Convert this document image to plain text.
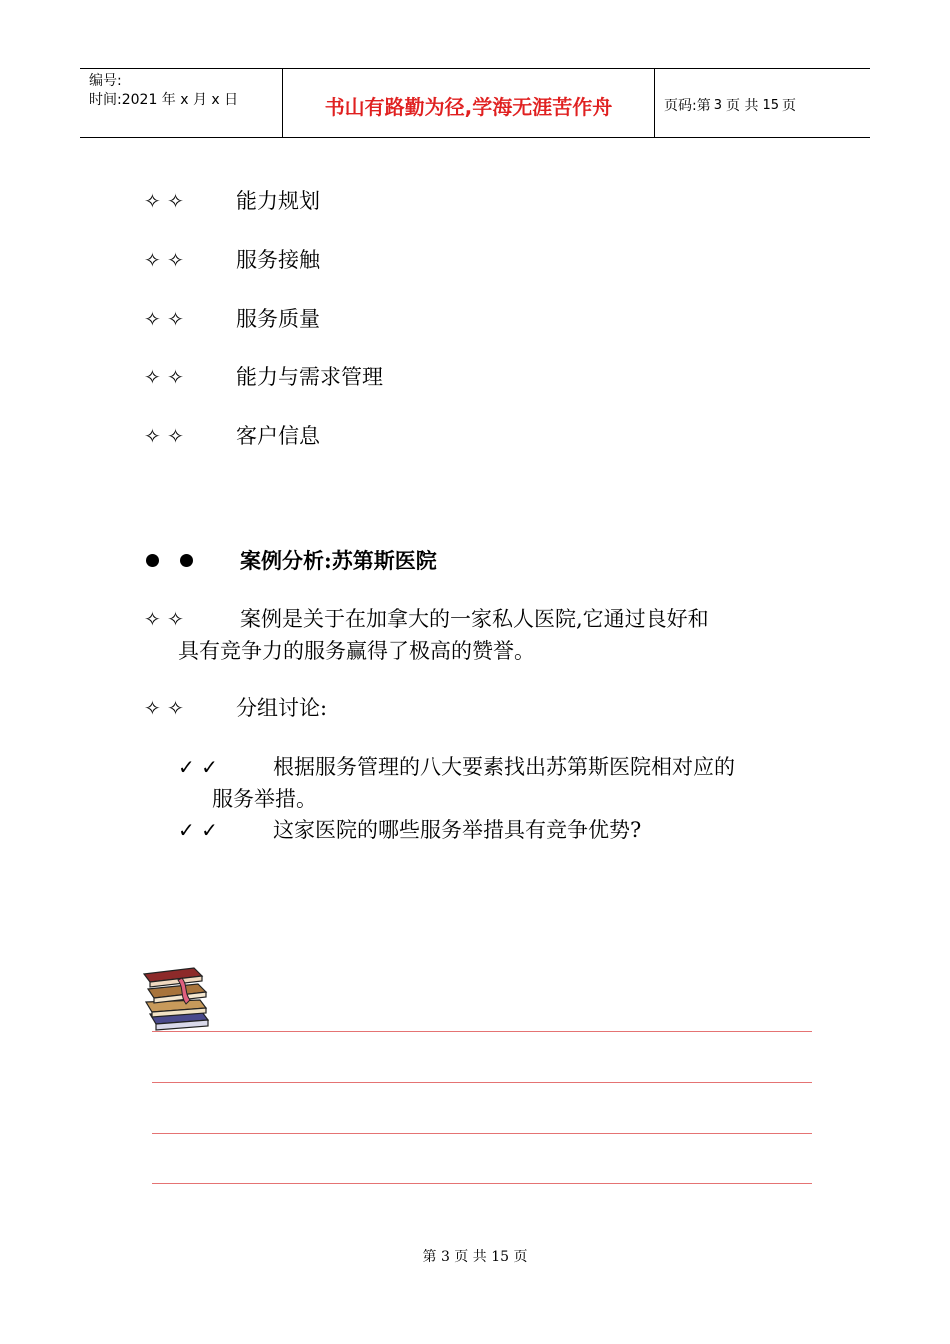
编号:
时间:2021 年 x 月 x 日	书山有路勤为径,学海无涯苦作舟	页码:第 3 页 共 15 页
✧ ✧ 能力规划
✧ ✧ 服务接触
✧ ✧ 服务质量
✧ ✧ 能力与需求管理
✧ ✧ 客户信息
案例分析:苏第斯医院
✧ ✧	案例是关于在加拿大的一家私人医院,它通过良好和
具有竞争力的服务赢得了极高的赞誉。
✧ ✧ 分组讨论:
✓ ✓	根据服务管理的八大要素找出苏第斯医院相对应的
服务举措。
✓ ✓	这家医院的哪些服务举措具有竞争优势?
第 3 页 共 15 页
